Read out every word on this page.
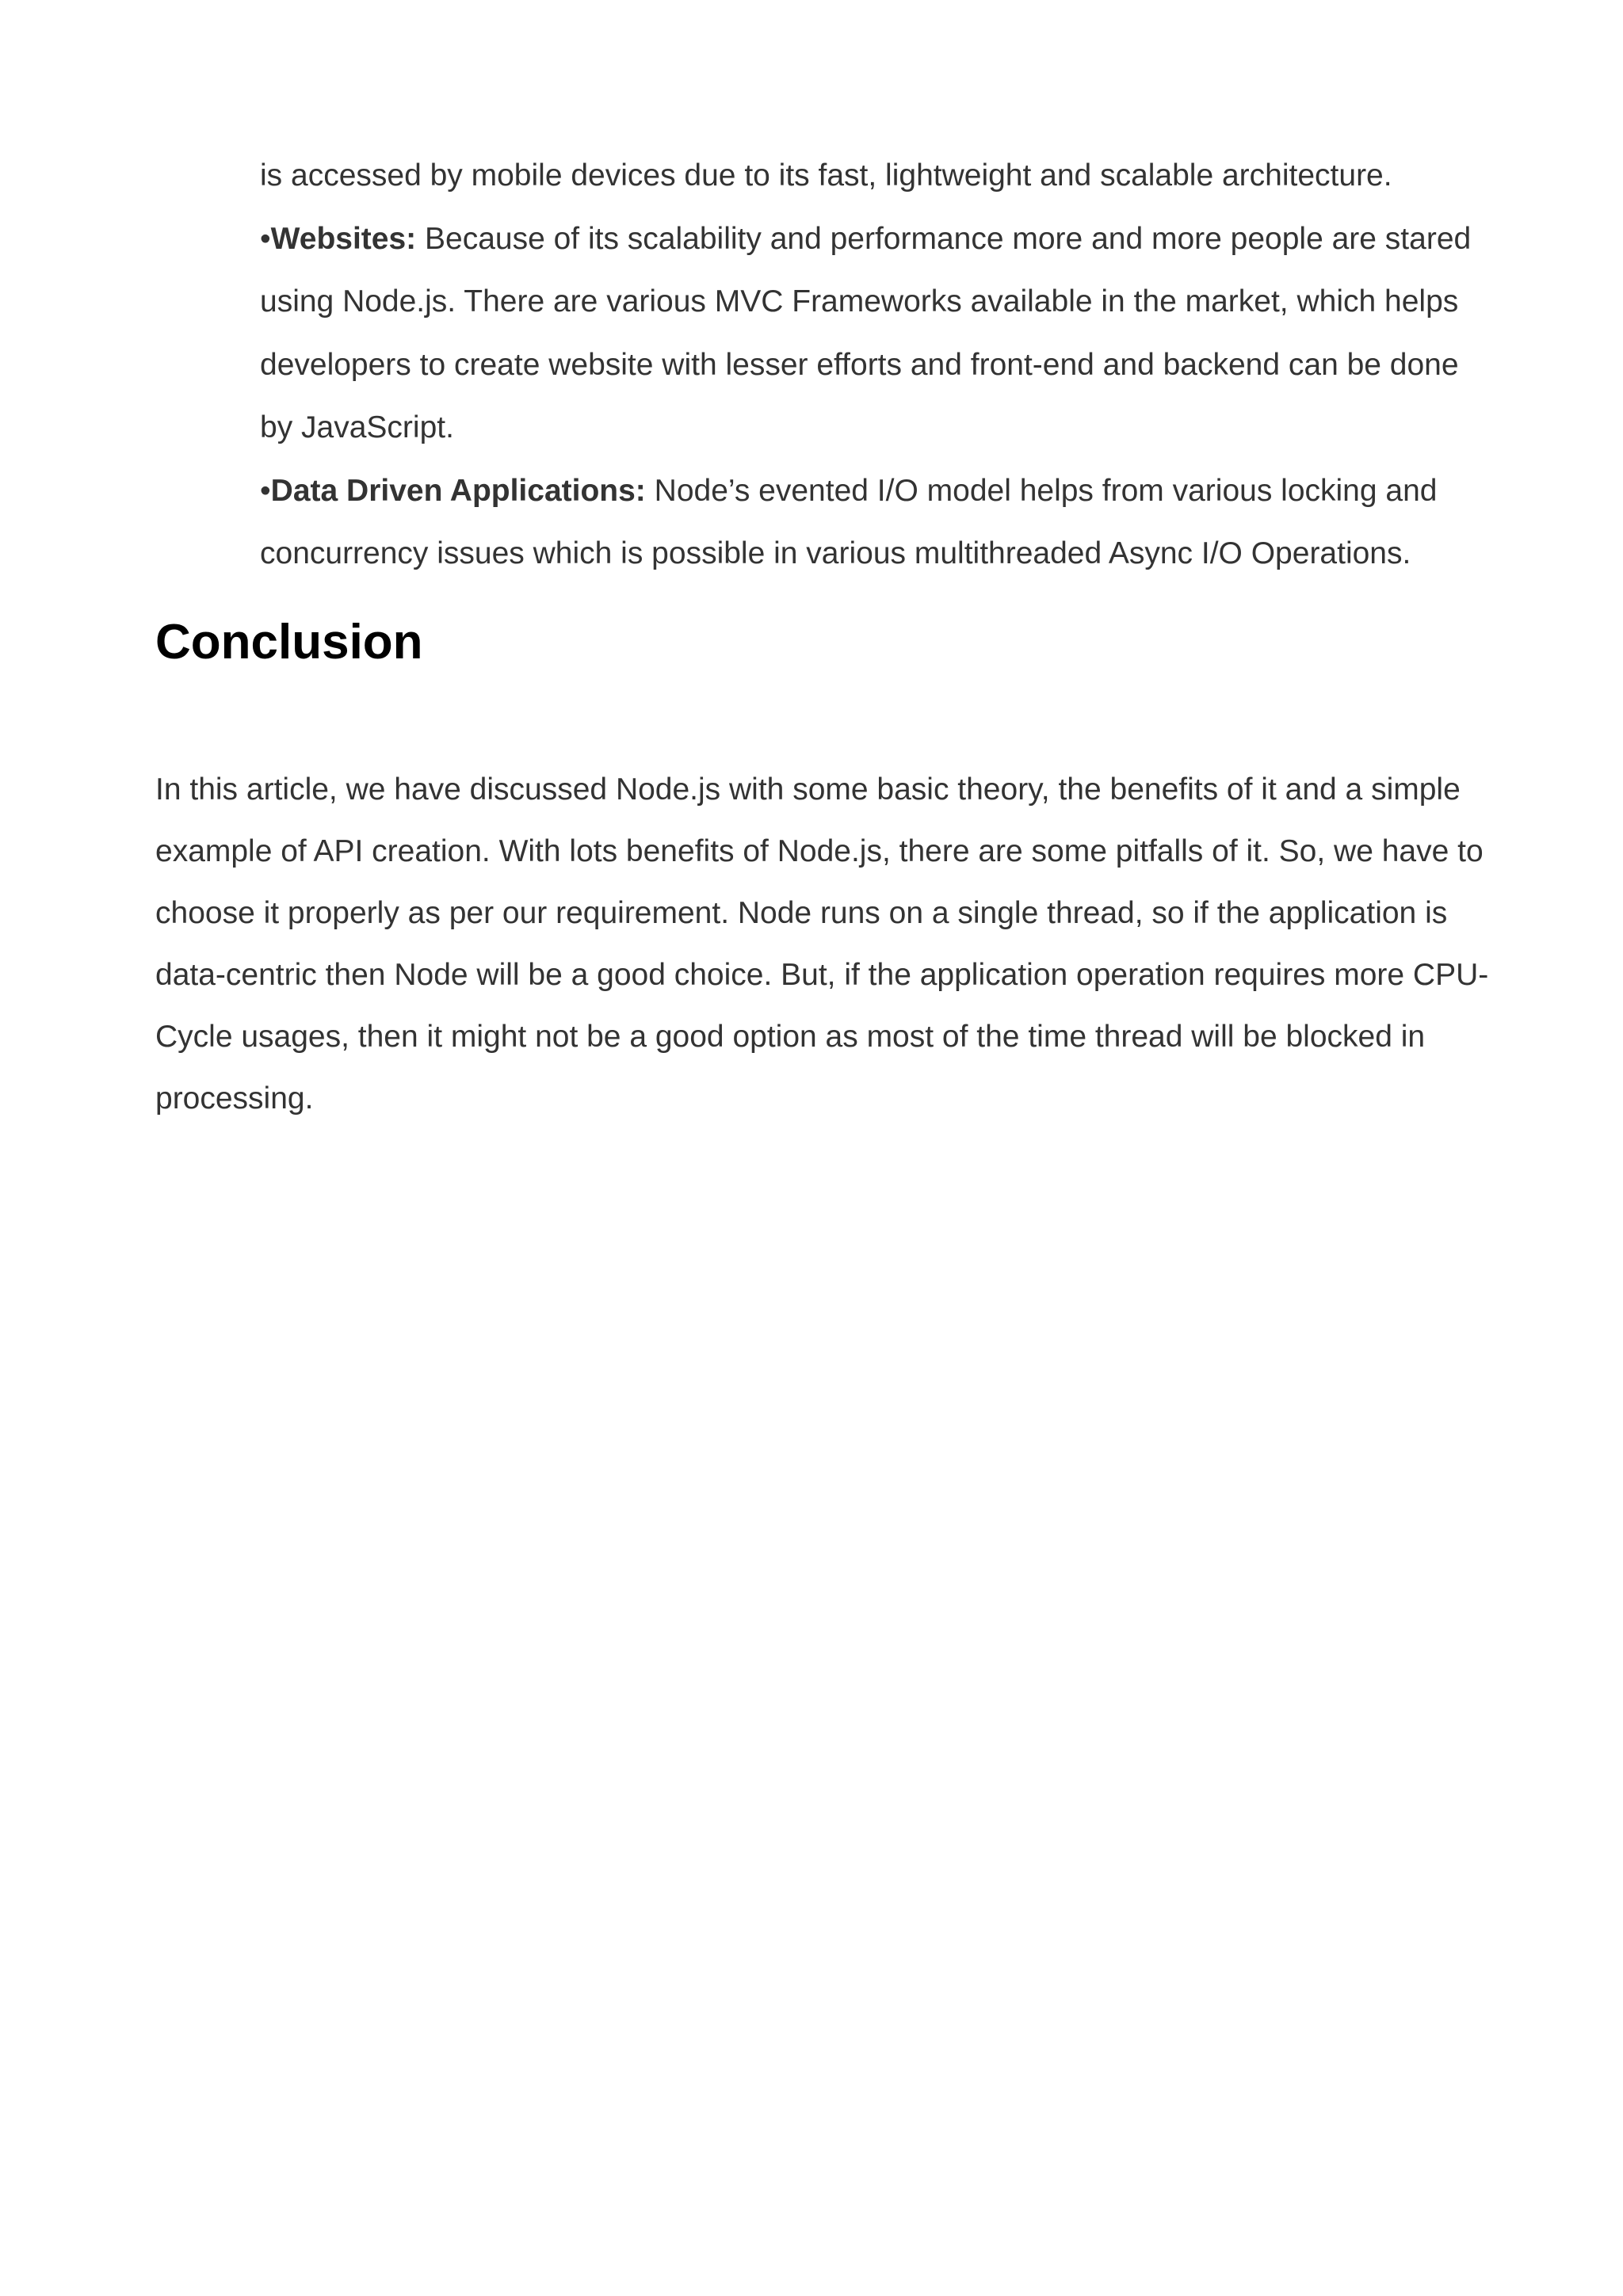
is accessed by mobile devices due to its fast, lightweight and scalable architecture.

•Websites: Because of its scalability and performance more and more people are stared using Node.js. There are various MVC Frameworks available in the market, which helps developers to create website with lesser efforts and front-end and backend can be done by JavaScript.

•Data Driven Applications: Node’s evented I/O model helps from various locking and concurrency issues which is possible in various multithreaded Async I/O Operations.

Conclusion

In this article, we have discussed Node.js with some basic theory, the benefits of it and a simple example of API creation. With lots benefits of Node.js, there are some pitfalls of it. So, we have to choose it properly as per our requirement. Node runs on a single thread, so if the application is data-centric then Node will be a good choice. But, if the application operation requires more CPU-Cycle usages, then it might not be a good option as most of the time thread will be blocked in processing.
